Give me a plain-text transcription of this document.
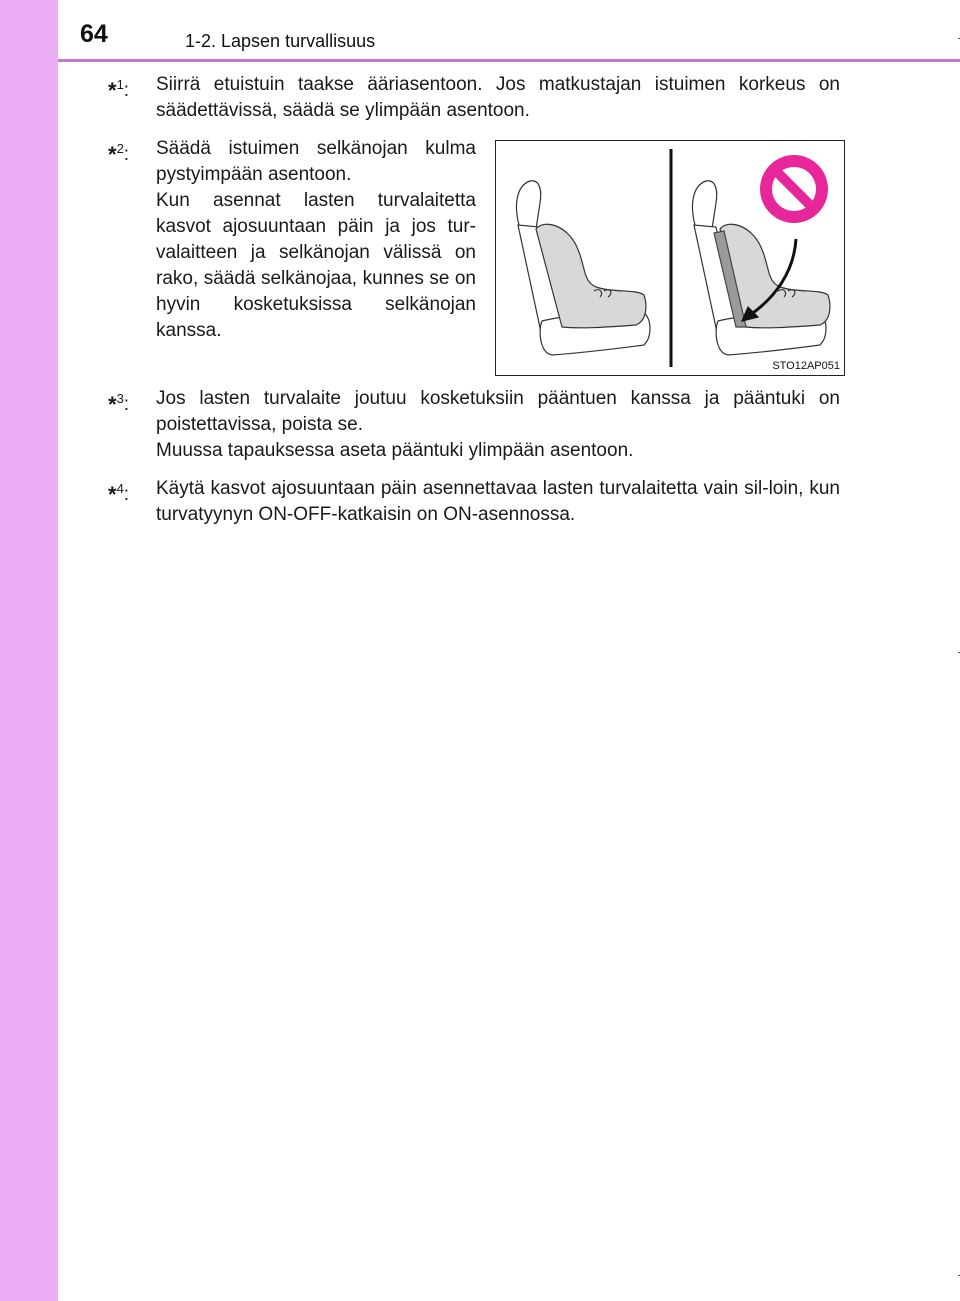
64	1-2. Lapsen turvallisuus
*$^1$: Siirrä etuistuin taakse ääriasentoon. Jos matkustajan istuimen korkeus on säädettävissä, säädä se ylimpään asentoon.

*$^2$: Säädä istuimen selkänojan kulma pystyimpään asentoon.

Kun asennat lasten turvalaitetta kasvot ajosuuntaan päin ja jos tur-valaitteen ja selkänojan välissä on rako, säädä selkänojaa, kunnes se on hyvin kosketuksissa selkänojan kanssa.

STO12AP051
*$^3$: Jos lasten turvalaite joutuu kosketuksiin pääntuen kanssa ja pääntuki on poistettavissa, poista se.

Muussa tapauksessa aseta pääntuki ylimpään asentoon.

*$^4$: Käytä kasvot ajosuuntaan päin asennettavaa lasten turvalaitetta vain sil-loin, kun turvatyynyn ON-OFF-katkaisin on ON-asennossa.
